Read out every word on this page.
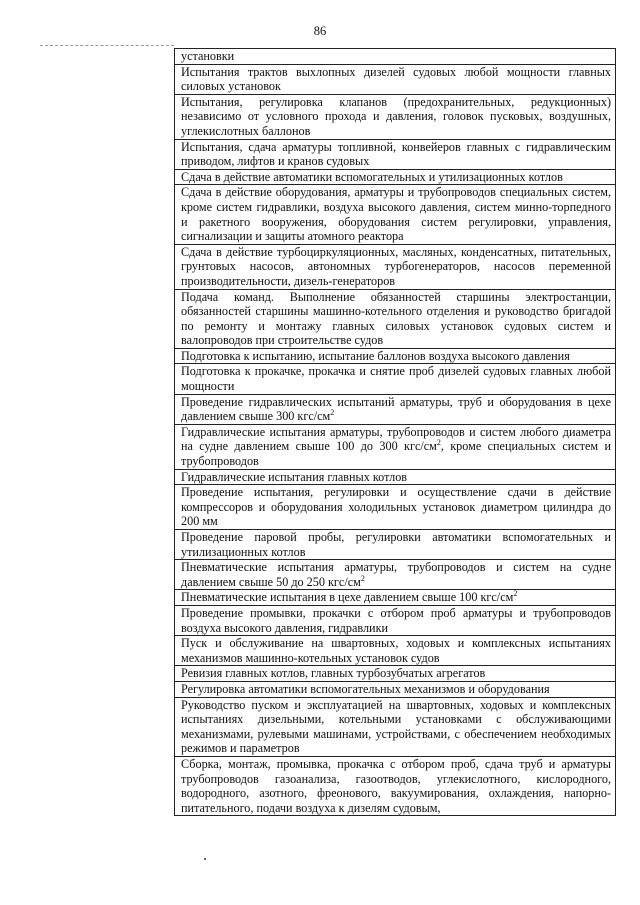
86
установки
Испытания трактов выхлопных дизелей судовых любой мощности главных силовых установок
Испытания, регулировка клапанов (предохранительных, редукционных) независимо от условного прохода и давления, головок пусковых, воздушных, углекислотных баллонов
Испытания, сдача арматуры топливной, конвейеров главных с гидравлическим приводом, лифтов и кранов судовых
Сдача в действие автоматики вспомогательных и утилизационных котлов
Сдача в действие оборудования, арматуры и трубопроводов специальных систем, кроме систем гидравлики, воздуха высокого давления, систем минно-торпедного и ракетного вооружения, оборудования систем регулировки, управления, сигнализации и защиты атомного реактора
Сдача в действие турбоциркуляционных, масляных, конденсатных, питательных, грунтовых насосов, автономных турбогенераторов, насосов переменной производительности, дизель-генераторов
Подача команд. Выполнение обязанностей старшины электростанции, обязанностей старшины машинно-котельного отделения и руководство бригадой по ремонту и монтажу главных силовых установок судовых систем и валопроводов при строительстве судов
Подготовка к испытанию, испытание баллонов воздуха высокого давления
Подготовка к прокачке, прокачка и снятие проб дизелей судовых главных любой мощности
Проведение гидравлических испытаний арматуры, труб и оборудования в цехе давлением свыше 300 кгс/$см^2$
Гидравлические испытания арматуры, трубопроводов и систем любого диаметра на судне давлением свыше 100 до 300 кгс/$см^2$, кроме специальных систем и трубопроводов
Гидравлические испытания главных котлов
Проведение испытания, регулировки и осуществление сдачи в действие компрессоров и оборудования холодильных установок диаметром цилиндра до 200 мм
Проведение паровой пробы, регулировки автоматики вспомогательных и утилизационных котлов
Пневматические испытания арматуры, трубопроводов и систем на судне давлением свыше 50 до 250 кгс/$см^2$
Пневматические испытания в цехе давлением свыше 100 кгс/$см^2$
Проведение промывки, прокачки с отбором проб арматуры и трубопроводов воздуха высокого давления, гидравлики
Пуск и обслуживание на швартовных, ходовых и комплексных испытаниях механизмов машинно-котельных установок судов
Ревизия главных котлов, главных турбозубчатых агрегатов
Регулировка автоматики вспомогательных механизмов и оборудования
Руководство пуском и эксплуатацией на швартовных, ходовых и комплексных испытаниях дизельными, котельными установками с обслуживающими механизмами, рулевыми машинами, устройствами, с обеспечением необходимых режимов и параметров
Сборка, монтаж, промывка, прокачка с отбором проб, сдача труб и арматуры трубопроводов газоанализа, газоотводов, углекислотного, кислородного, водородного, азотного, фреонового, вакуумирования, охлаждения, напорно-питательного, подачи воздуха к дизелям судовым,
